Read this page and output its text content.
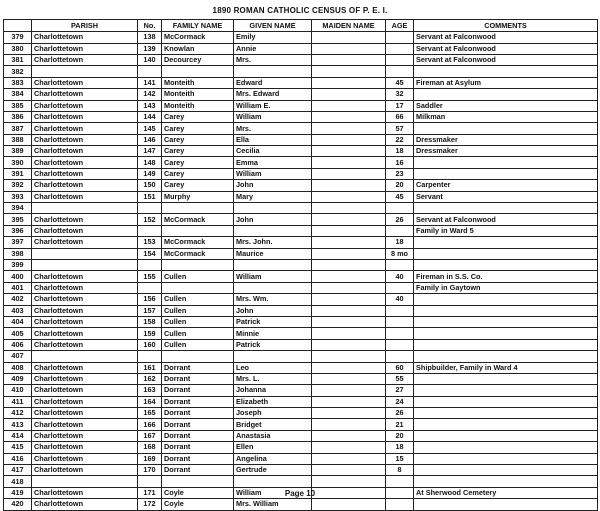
1890 ROMAN CATHOLIC CENSUS OF P. E. I.
	PARISH	No.	FAMILY NAME	GIVEN NAME	MAIDEN NAME	AGE	COMMENTS
379	Charlottetown	138	McCormack	Emily			Servant at Falconwood
380	Charlottetown	139	Knowlan	Annie			Servant at Falconwood
381	Charlottetown	140	Decourcey	Mrs.			Servant at Falconwood
382							
383	Charlottetown	141	Monteith	Edward		45	Fireman at Asylum
384	Charlottetown	142	Monteith	Mrs. Edward		32	
385	Charlottetown	143	Monteith	William E.		17	Saddler
386	Charlottetown	144	Carey	William		66	Milkman
387	Charlottetown	145	Carey	Mrs.		57	
388	Charlottetown	146	Carey	Ella		22	Dressmaker
389	Charlottetown	147	Carey	Cecilia		18	Dressmaker
390	Charlottetown	148	Carey	Emma		16	
391	Charlottetown	149	Carey	William		23	
392	Charlottetown	150	Carey	John		20	Carpenter
393	Charlottetown	151	Murphy	Mary		45	Servant
394							
395	Charlottetown	152	McCormack	John		26	Servant at Falconwood
396	Charlottetown						Family in Ward 5
397	Charlottetown	153	McCormack	Mrs. John.		18	
398		154	McCormack	Maurice		8 mo	
399							
400	Charlottetown	155	Cullen	William		40	Fireman in S.S. Co.
401	Charlottetown						Family in Gaytown
402	Charlottetown	156	Cullen	Mrs. Wm.		40	
403	Charlottetown	157	Cullen	John			
404	Charlottetown	158	Cullen	Patrick			
405	Charlottetown	159	Cullen	Minnie			
406	Charlottetown	160	Cullen	Patrick			
407							
408	Charlottetown	161	Dorrant	Leo		60	Shipbuilder, Family in Ward 4
409	Charlottetown	162	Dorrant	Mrs. L.		55	
410	Charlottetown	163	Dorrant	Johanna		27	
411	Charlottetown	164	Dorrant	Elizabeth		24	
412	Charlottetown	165	Dorrant	Joseph		26	
413	Charlottetown	166	Dorrant	Bridget		21	
414	Charlottetown	167	Dorrant	Anastasia		20	
415	Charlottetown	168	Dorrant	Ellen		18	
416	Charlottetown	169	Dorrant	Angelina		15	
417	Charlottetown	170	Dorrant	Gertrude		8	
418							
419	Charlottetown	171	Coyle	William			At Sherwood Cemetery
420	Charlottetown	172	Coyle	Mrs. William			
Page 10
